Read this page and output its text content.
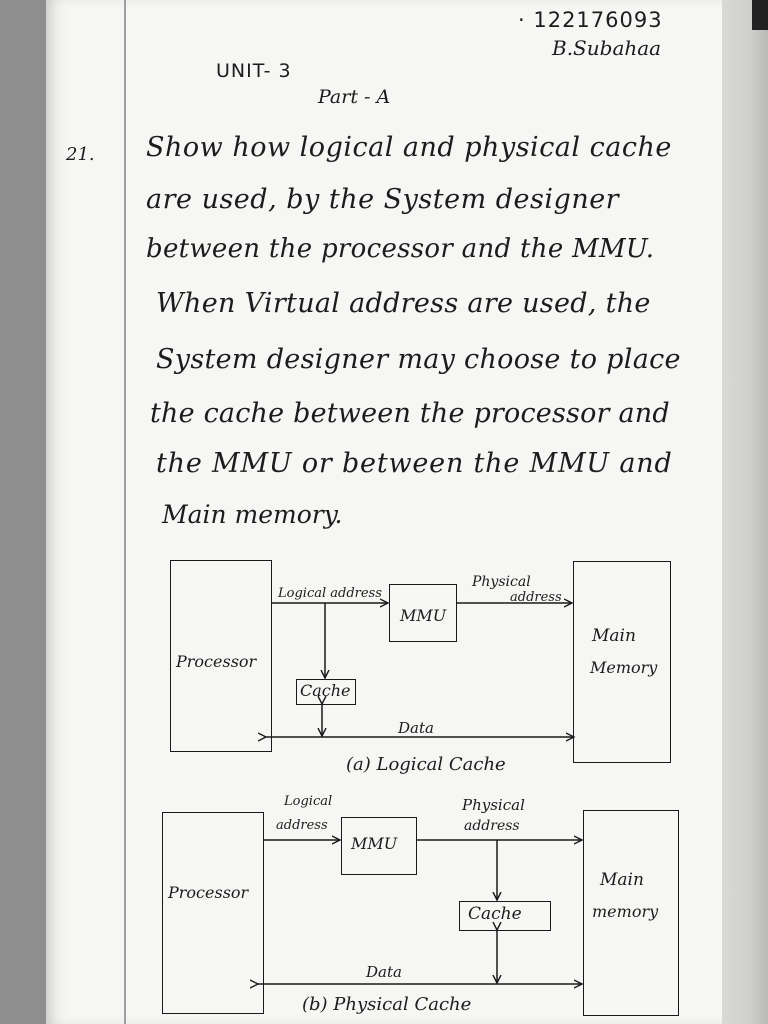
· 122176093
B.Subahaa
UNIT- 3
Part - A
21. Show how logical and physical cache
are used, by the System designer
between the processor and the MMU.
When Virtual address are used, the
System designer may choose to place
the cache between the processor and
the MMU or between the MMU and
Main memory.
Processor
MMU
Cache
Main
Memory
Logical address
Physical
address
Data
(a) Logical Cache
Processor
MMU
Cache
Main
memory
Logical
address
Physical
address
Data
(b) Physical Cache
